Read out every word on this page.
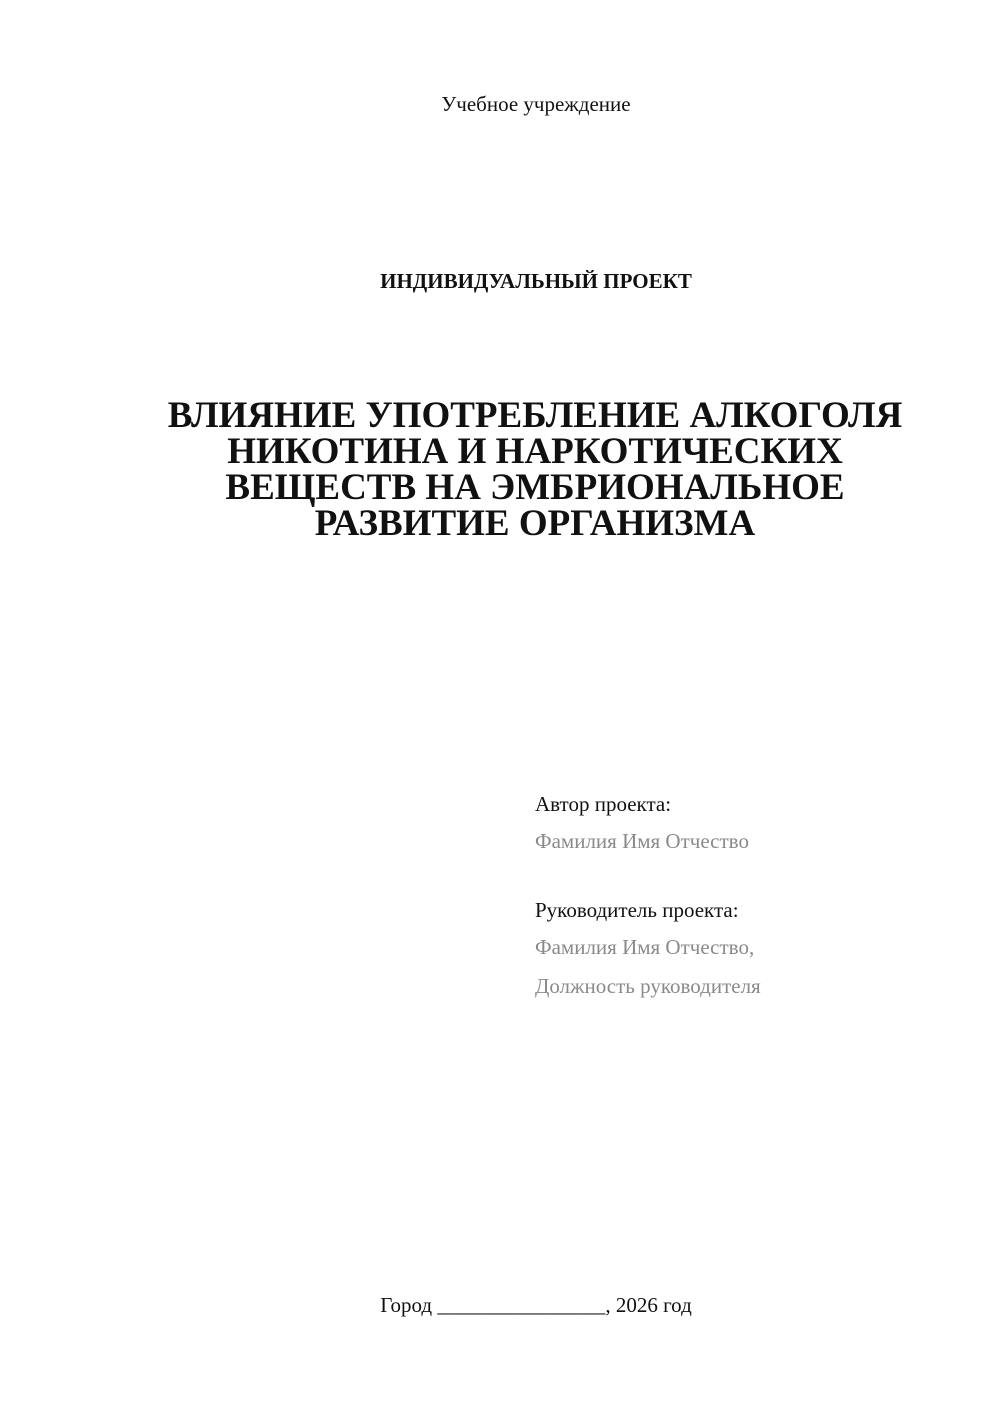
Учебное учреждение
ИНДИВИДУАЛЬНЫЙ ПРОЕКТ
ВЛИЯНИЕ УПОТРЕБЛЕНИЕ АЛКОГОЛЯ
НИКОТИНА И НАРКОТИЧЕСКИХ
ВЕЩЕСТВ НА ЭМБРИОНАЛЬНОЕ
РАЗВИТИЕ ОРГАНИЗМА
Автор проекта:
Фамилия Имя Отчество
Руководитель проекта:
Фамилия Имя Отчество,
Должность руководителя
Город ________________, 2026 год
